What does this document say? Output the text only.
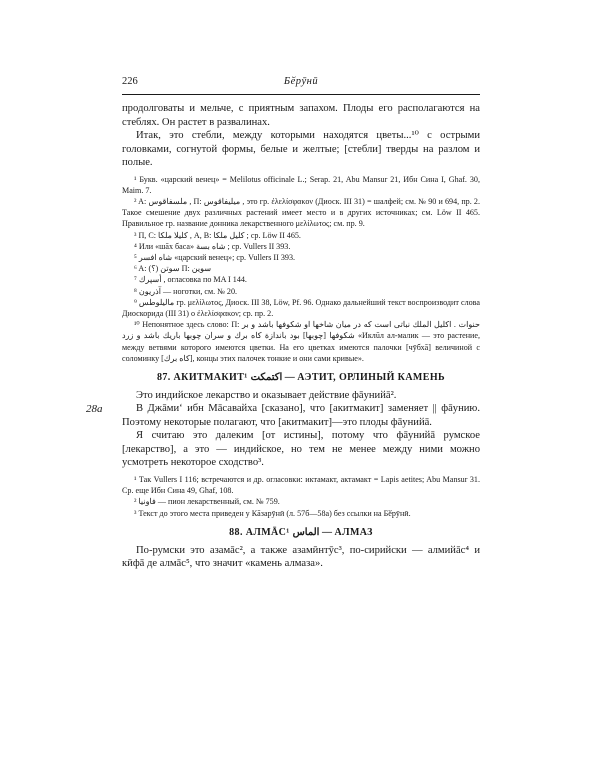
226	Бӗрӯнӣ

продолговаты и мельче, с приятным запахом. Плоды его располагаются на стеблях. Он растет в развалинах.

Итак, это стебли, между которыми находятся цветы...¹⁰ с острыми головками, согнутой формы, белые и желтые; [стебли] тверды на разлом и полые.

¹ Букв. «царский венец» = Melilotus officinale L.; Serap. 21, Abu Mansur 21, Ибн Сина I, Ghaf. 30, Maim. 7.

² A: ملسفاقوس , П: ميليفاقوس , это гр. ἐλελίσφακον (Диоск. III 31) = шалфей; см. № 90 и 694, пр. 2. Такое смешение двух различных растений имеет место и в других источниках; см. Löw II 465. Правильное гр. название донника лекарственного μελίλωτος; см. пр. 9.

³ П, С: كليلا ملكا , A, B: كليل ملكا ; ср. Löw II 465.

⁴ Или «шāх баса» شاه بسة ; ср. Vullers II 393.

⁵ شاه افسر «царский венец»; ср. Vullers II 393.

⁶ A: (؟) سوتن П: سوين

⁷ أسپرك , огласовка по MA I 144.

⁸ آذريون — ноготки, см. № 20.

⁹ ماليلوطس гр. μελίλωτος, Диоск. III 38, Löw, Pf. 96. Однако дальнейший текст воспроизводит слова Диоскорида (III 31) о ἐλελίσφακον; ср. пр. 2.

¹⁰ Непонятное здесь слово: П: حنوات . اكليل الملك نباتی است كه در ميان شاخها او شكوفها باشد و بر شكوفها [چوبها] بود باندازة كاه برك و سران چوبها باريك باشد و زرد «Иклūл ал-малик — это растение, между ветвями которого имеются цветки. На его цветках имеются палочки [чӯбхā] величиной с соломинку [كاه برك], концы этих палочек тонкие и они сами кривые».

87. АКИТМАКИТ¹ اكتمكت — АЭТИТ, ОРЛИНЫЙ КАМЕНЬ
28а

Это индийское лекарство и оказывает действие фāунийā².

В Джāмиʻ ибн Мāсавайха [сказано], что [акитмакит] заменяет || фāунию. Поэтому некоторые полагают, что [акитмакит]—это плоды фāунийā.

Я считаю это далеким [от истины], потому что фāунийā румское [лекарство], а это — индийское, но тем не менее между ними можно усмотреть некоторое сходство³.

¹ Так Vullers I 116; встречаются и др. огласовки: иктамакт, актамакт = Lapis aetites; Abu Mansur 31. Ср. еще Ибн Сина 49, Ghaf, 108.

² فاونيا — пион лекарственный, см. № 759.

³ Текст до этого места приведен у Кāзарӯнӣ (л. 57б—58а) без ссылки на Бӗрӯнӣ.

88. АЛМĀС¹ الماس — АЛМАЗ

По-румски это азамāс², а также азамӣнтӯс³, по-сирийски — алмийāс⁴ и кӣфā де алмāс⁵, что значит «камень алмаза».
